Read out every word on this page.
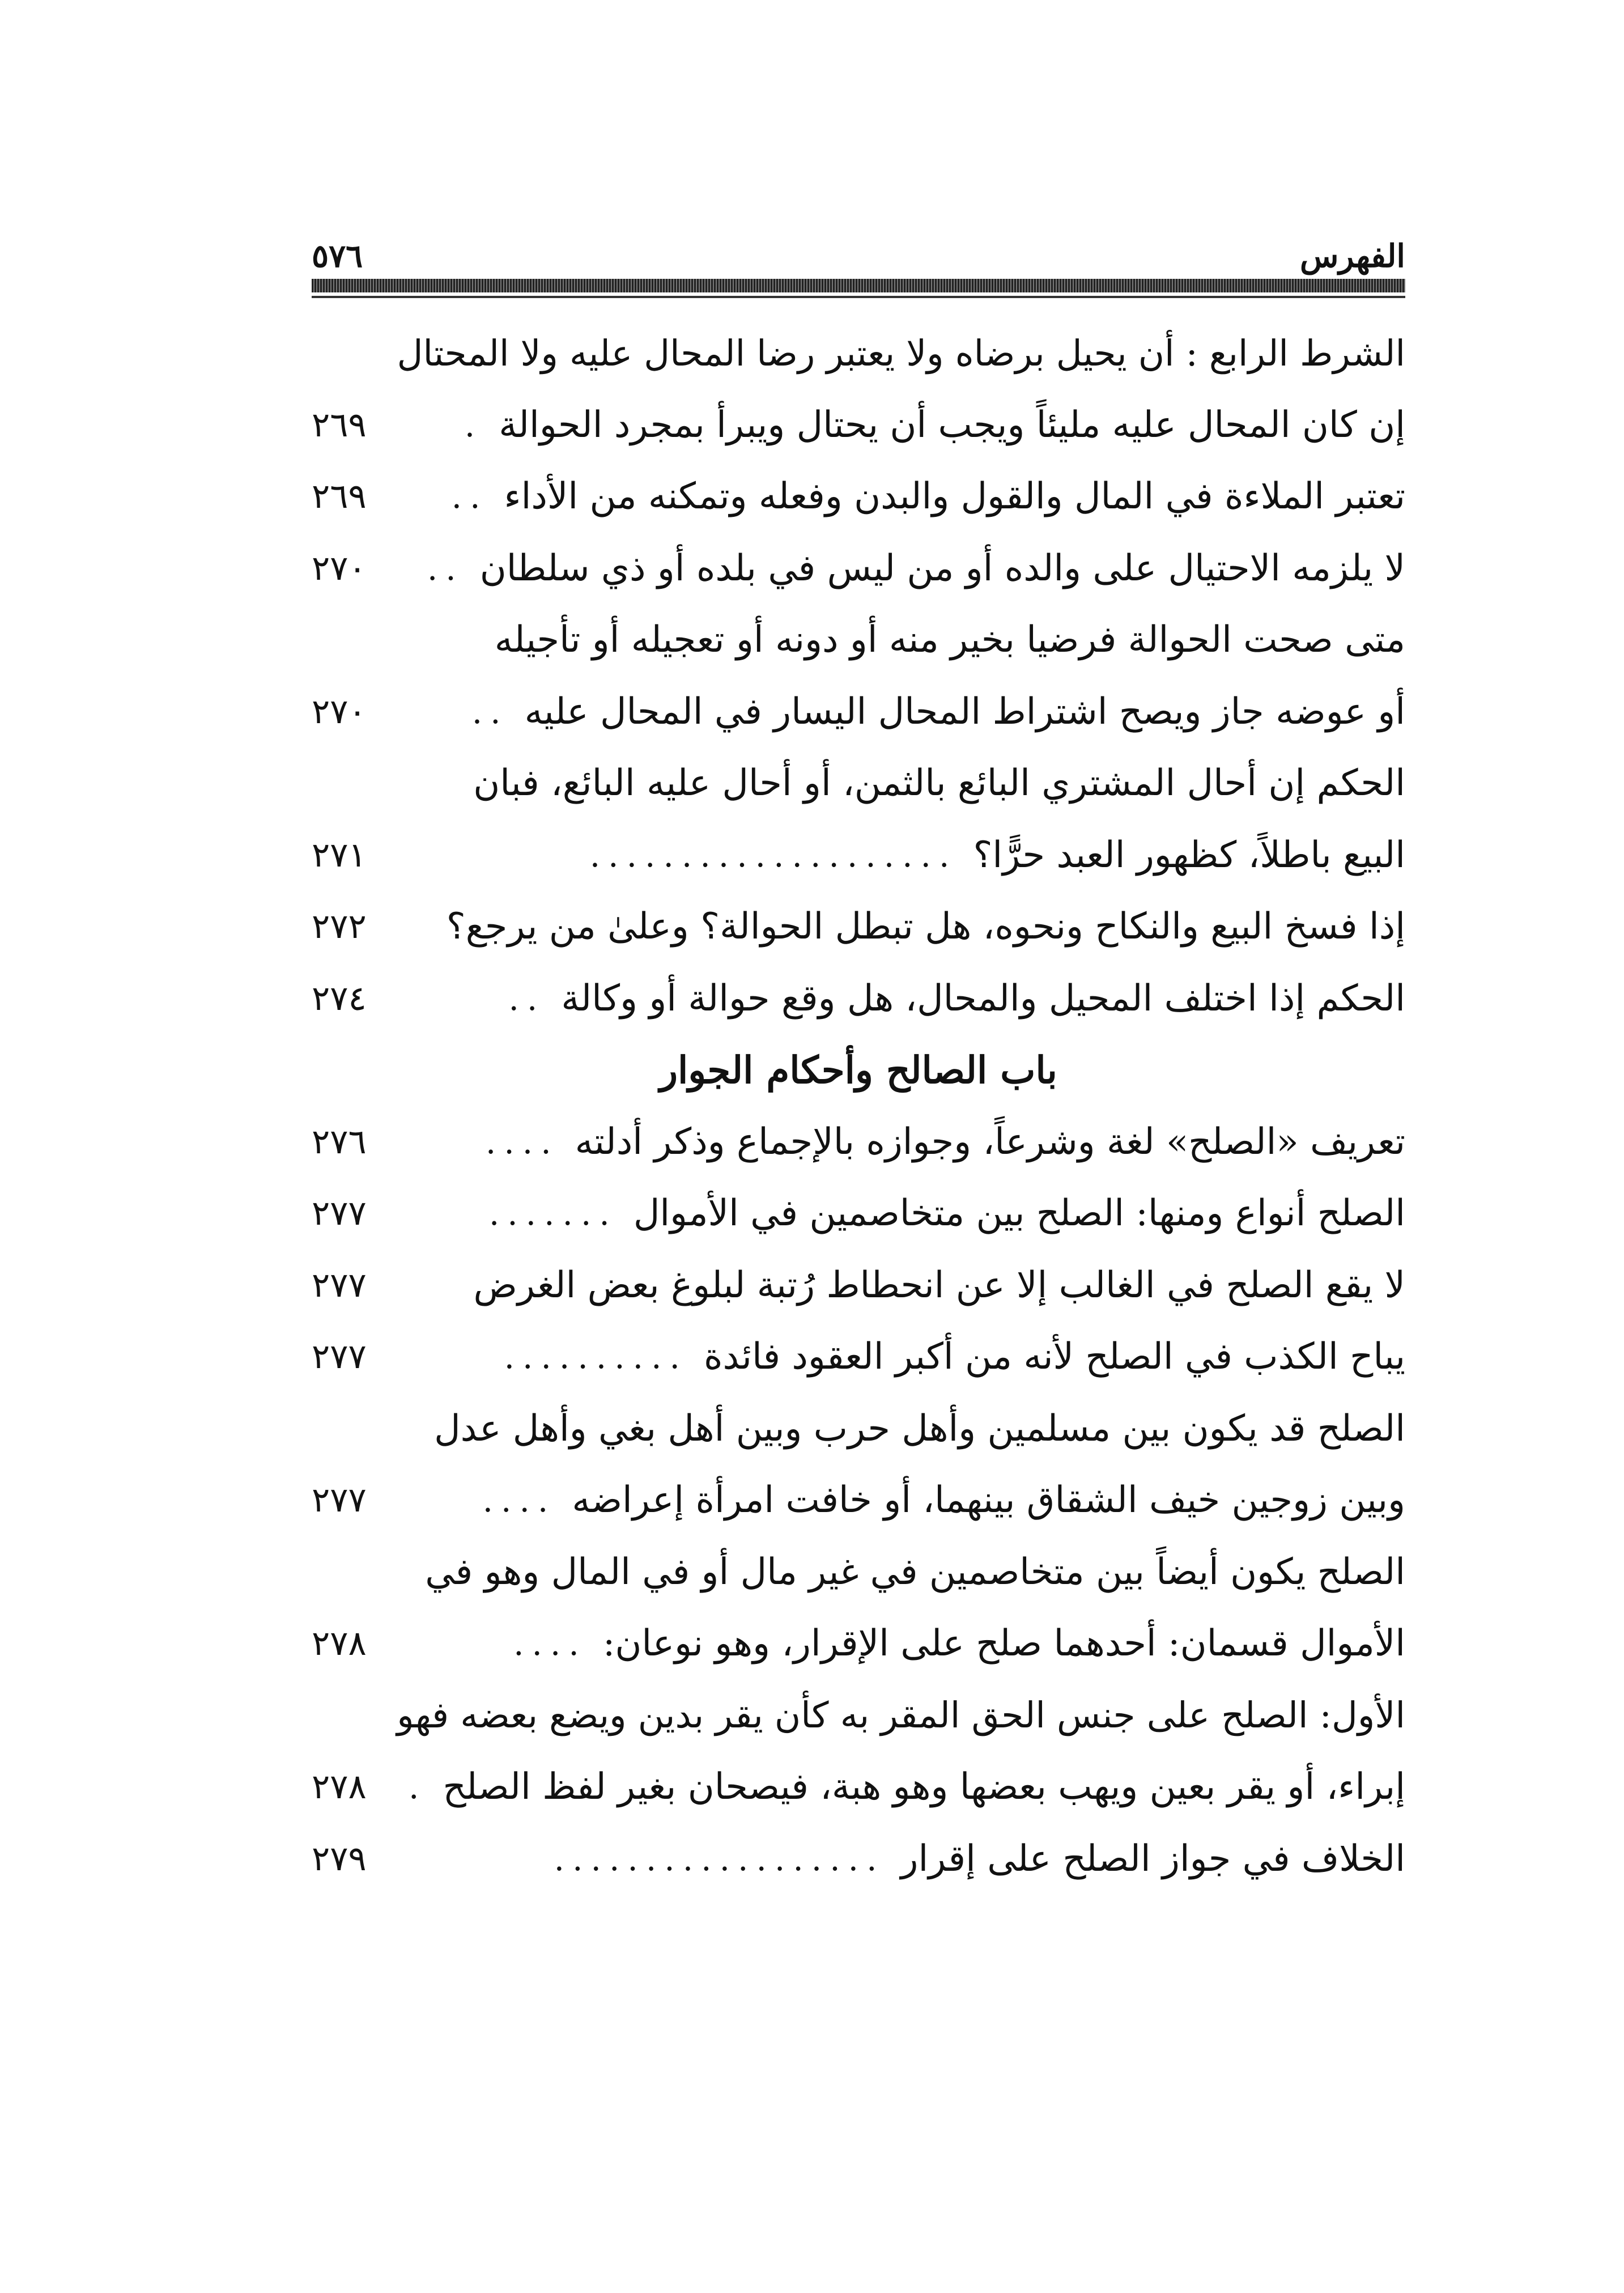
٥٧٦	الفهرس
الشرط الرابع : أن يحيل برضاه ولا يعتبر رضا المحال عليه ولا المحتال
إن كان المحال عليه مليئاً ويجب أن يحتال ويبرأ بمجرد الحوالة
.
٢٦٩
تعتبر الملاءة في المال والقول والبدن وفعله وتمكنه من الأداء
..
٢٦٩
لا يلزمه الاحتيال على والده أو من ليس في بلده أو ذي سلطان
..
٢٧٠
متى صحت الحوالة فرضيا بخير منه أو دونه أو تعجيله أو تأجيله
أو عوضه جاز ويصح اشتراط المحال اليسار في المحال عليه
..
٢٧٠
الحكم إن أحال المشتري البائع بالثمن، أو أحال عليه البائع، فبان
البيع باطلاً، كظهور العبد حرًّا؟
....................
٢٧١
إذا فسخ البيع والنكاح ونحوه، هل تبطل الحوالة؟ وعلىٰ من يرجع؟
٢٧٢
الحكم إذا اختلف المحيل والمحال، هل وقع حوالة أو وكالة
..
٢٧٤
باب الصالح وأحكام الجوار
تعريف «الصلح» لغة وشرعاً، وجوازه بالإجماع وذكر أدلته
....
٢٧٦
الصلح أنواع ومنها: الصلح بين متخاصمين في الأموال
.......
٢٧٧
لا يقع الصلح في الغالب إلا عن انحطاط رُتبة لبلوغ بعض الغرض
٢٧٧
يباح الكذب في الصلح لأنه من أكبر العقود فائدة
..........
٢٧٧
الصلح قد يكون بين مسلمين وأهل حرب وبين أهل بغي وأهل عدل
وبين زوجين خيف الشقاق بينهما، أو خافت امرأة إعراضه
....
٢٧٧
الصلح يكون أيضاً بين متخاصمين في غير مال أو في المال وهو في
الأموال قسمان: أحدهما صلح على الإقرار، وهو نوعان:
....
٢٧٨
الأول: الصلح على جنس الحق المقر به كأن يقر بدين ويضع بعضه فهو
إبراء، أو يقر بعين ويهب بعضها وهو هبة، فيصحان بغير لفظ الصلح
.
٢٧٨
الخلاف في جواز الصلح على إقرار
..................
٢٧٩
